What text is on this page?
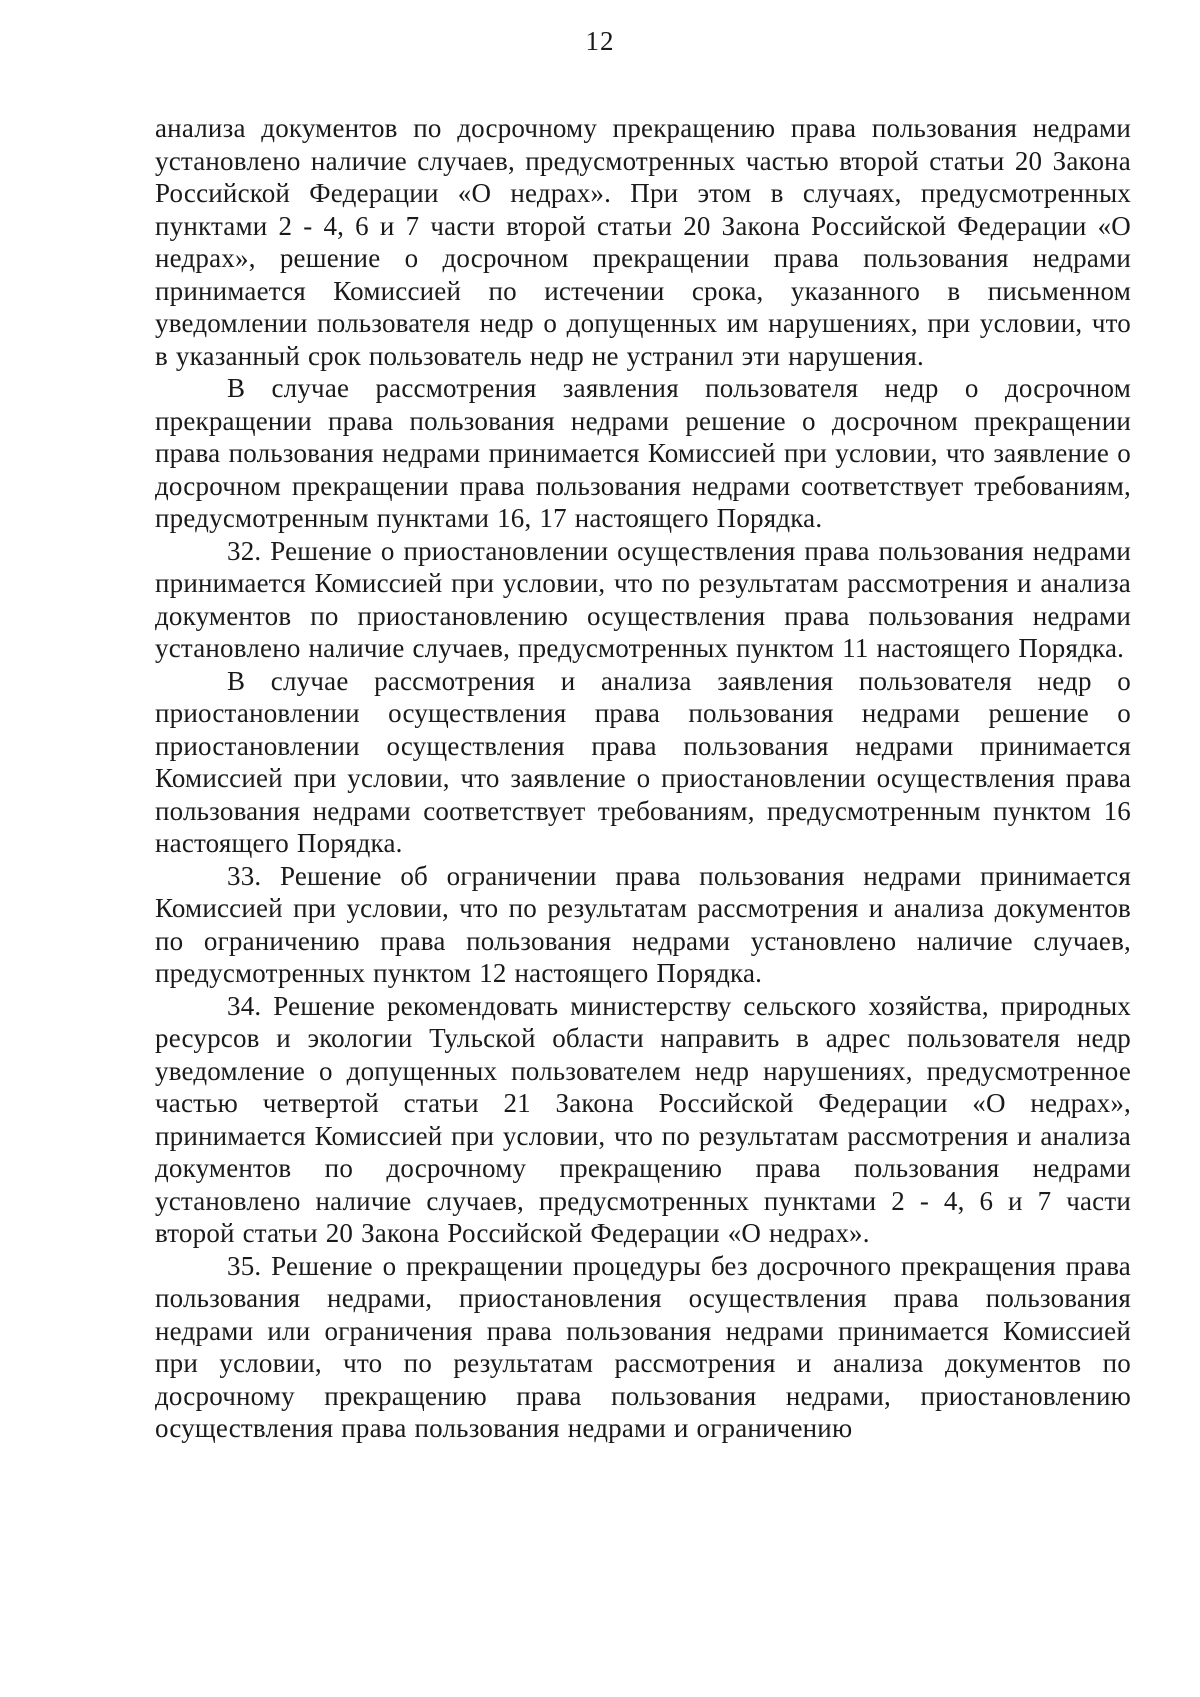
12

анализа документов по досрочному прекращению права пользования недрами установлено наличие случаев, предусмотренных частью второй статьи 20 Закона Российской Федерации «О недрах». При этом в случаях, предусмотренных пунктами 2 - 4, 6 и 7 части второй статьи 20 Закона Российской Федерации «О недрах», решение о досрочном прекращении права пользования недрами принимается Комиссией по истечении срока, указанного в письменном уведомлении пользователя недр о допущенных им нарушениях, при условии, что в указанный срок пользователь недр не устранил эти нарушения.

В случае рассмотрения заявления пользователя недр о досрочном прекращении права пользования недрами решение о досрочном прекращении права пользования недрами принимается Комиссией при условии, что заявление о досрочном прекращении права пользования недрами соответствует требованиям, предусмотренным пунктами 16, 17 настоящего Порядка.

32. Решение о приостановлении осуществления права пользования недрами принимается Комиссией при условии, что по результатам рассмотрения и анализа документов по приостановлению осуществления права пользования недрами установлено наличие случаев, предусмотренных пунктом 11 настоящего Порядка.

В случае рассмотрения и анализа заявления пользователя недр о приостановлении осуществления права пользования недрами решение о приостановлении осуществления права пользования недрами принимается Комиссией при условии, что заявление о приостановлении осуществления права пользования недрами соответствует требованиям, предусмотренным пунктом 16 настоящего Порядка.

33. Решение об ограничении права пользования недрами принимается Комиссией при условии, что по результатам рассмотрения и анализа документов по ограничению права пользования недрами установлено наличие случаев, предусмотренных пунктом 12 настоящего Порядка.

34. Решение рекомендовать министерству сельского хозяйства, природных ресурсов и экологии Тульской области направить в адрес пользователя недр уведомление о допущенных пользователем недр нарушениях, предусмотренное частью четвертой статьи 21 Закона Российской Федерации «О недрах», принимается Комиссией при условии, что по результатам рассмотрения и анализа документов по досрочному прекращению права пользования недрами установлено наличие случаев, предусмотренных пунктами 2 - 4, 6 и 7 части второй статьи 20 Закона Российской Федерации «О недрах».

35. Решение о прекращении процедуры без досрочного прекращения права пользования недрами, приостановления осуществления права пользования недрами или ограничения права пользования недрами принимается Комиссией при условии, что по результатам рассмотрения и анализа документов по досрочному прекращению права пользования недрами, приостановлению осуществления права пользования недрами и ограничению
